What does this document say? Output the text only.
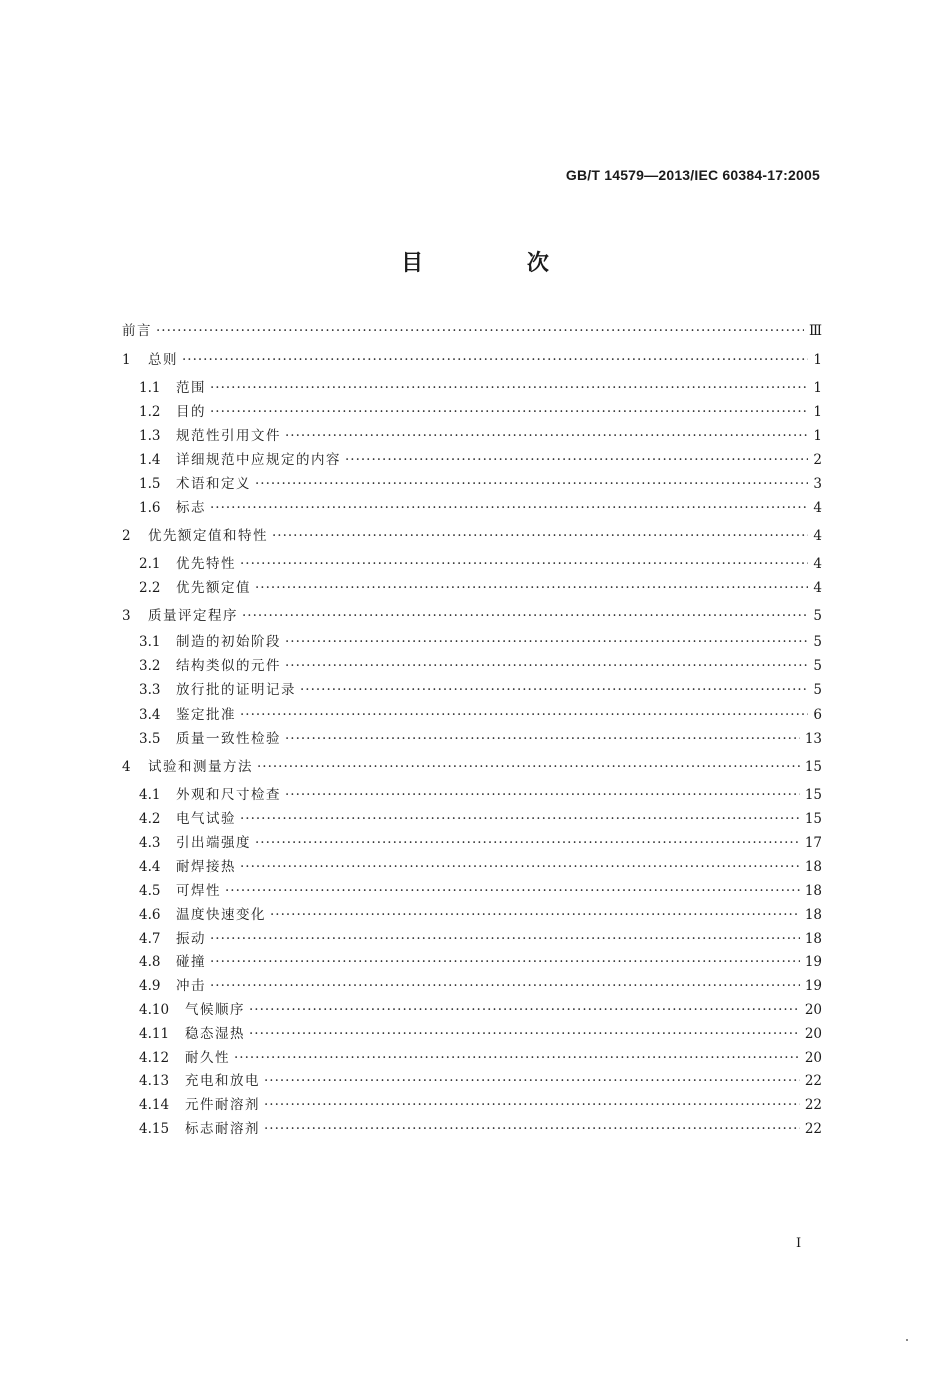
GB/T 14579—2013/IEC 60384-17:2005
目 次
前言 ·····	Ⅲ
1 总则 ·····	1
1.1 范围 ·····	1
1.2 目的 ·····	1
1.3 规范性引用文件 ·····	1
1.4 详细规范中应规定的内容 ·····	2
1.5 术语和定义 ·····	3
1.6 标志 ·····	4
2 优先额定值和特性 ·····	4
2.1 优先特性 ·····	4
2.2 优先额定值 ·····	4
3 质量评定程序 ·····	5
3.1 制造的初始阶段 ·····	5
3.2 结构类似的元件 ·····	5
3.3 放行批的证明记录 ·····	5
3.4 鉴定批准 ·····	6
3.5 质量一致性检验 ·····	13
4 试验和测量方法 ·····	15
4.1 外观和尺寸检查 ·····	15
4.2 电气试验 ·····	15
4.3 引出端强度 ·····	17
4.4 耐焊接热 ·····	18
4.5 可焊性 ·····	18
4.6 温度快速变化 ·····	18
4.7 振动 ·····	18
4.8 碰撞 ·····	19
4.9 冲击 ·····	19
4.10 气候顺序 ·····	20
4.11 稳态湿热 ·····	20
4.12 耐久性 ·····	20
4.13 充电和放电 ·····	22
4.14 元件耐溶剂 ·····	22
4.15 标志耐溶剂 ·····	22
I
